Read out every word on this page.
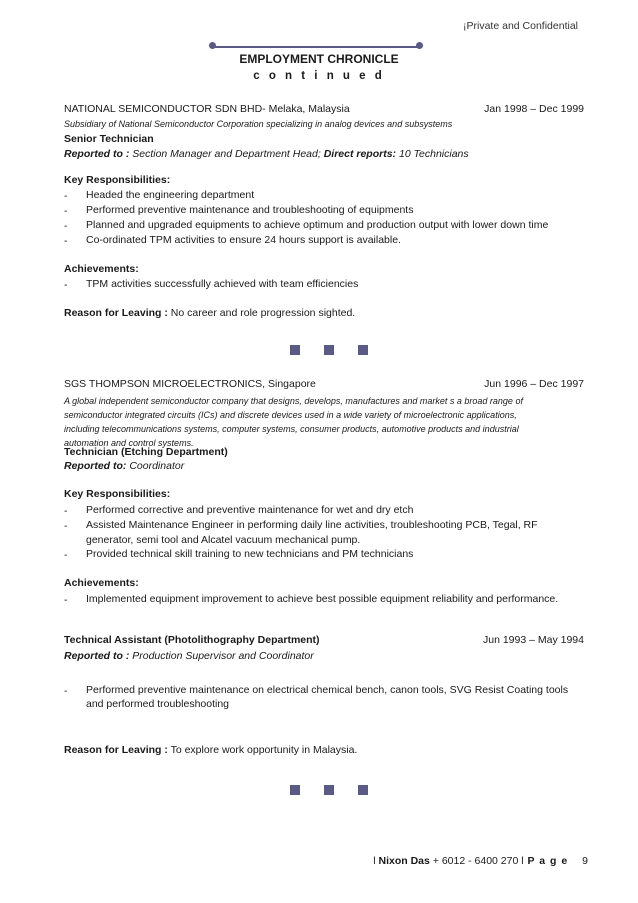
¡Private and Confidential
EMPLOYMENT CHRONICLE
c o n t i n u e d
NATIONAL SEMICONDUCTOR SDN BHD- Melaka, Malaysia	Jan 1998 – Dec 1999
Subsidiary of National Semiconductor Corporation specializing in analog devices and subsystems
Senior Technician
Reported to : Section Manager and Department Head; Direct reports: 10 Technicians
Key Responsibilities:
- Headed the engineering department
- Performed preventive maintenance and troubleshooting of equipments
- Planned and upgraded equipments to achieve optimum and production output with lower down time
- Co-ordinated TPM activities to ensure 24 hours support is available.
Achievements:
- TPM activities successfully achieved with team efficiencies
Reason for Leaving : No career and role progression sighted.
SGS THOMPSON MICROELECTRONICS, Singapore	Jun 1996 – Dec 1997
A global independent semiconductor company that designs, develops, manufactures and market s a broad range of
semiconductor integrated circuits (ICs) and discrete devices used in a wide variety of microelectronic applications,
including telecommunications systems, computer systems, consumer products, automotive products and industrial
automation and control systems.
Technician (Etching Department)
Reported to: Coordinator
Key Responsibilities:
- Performed corrective and preventive maintenance for wet and dry etch
- Assisted Maintenance Engineer in performing daily line activities, troubleshooting PCB, Tegal, RF
generator, semi tool and Alcatel vacuum mechanical pump.
- Provided technical skill training to new technicians and PM technicians
Achievements:
- Implemented equipment improvement to achieve best possible equipment reliability and performance.
Technical Assistant (Photolithography Department)	Jun 1993 – May 1994
Reported to : Production Supervisor and Coordinator
- Performed preventive maintenance on electrical chemical bench, canon tools, SVG Resist Coating tools
and performed troubleshooting
Reason for Leaving : To explore work opportunity in Malaysia.
l Nixon Das + 6012 - 6400 270 l P a g e 9
